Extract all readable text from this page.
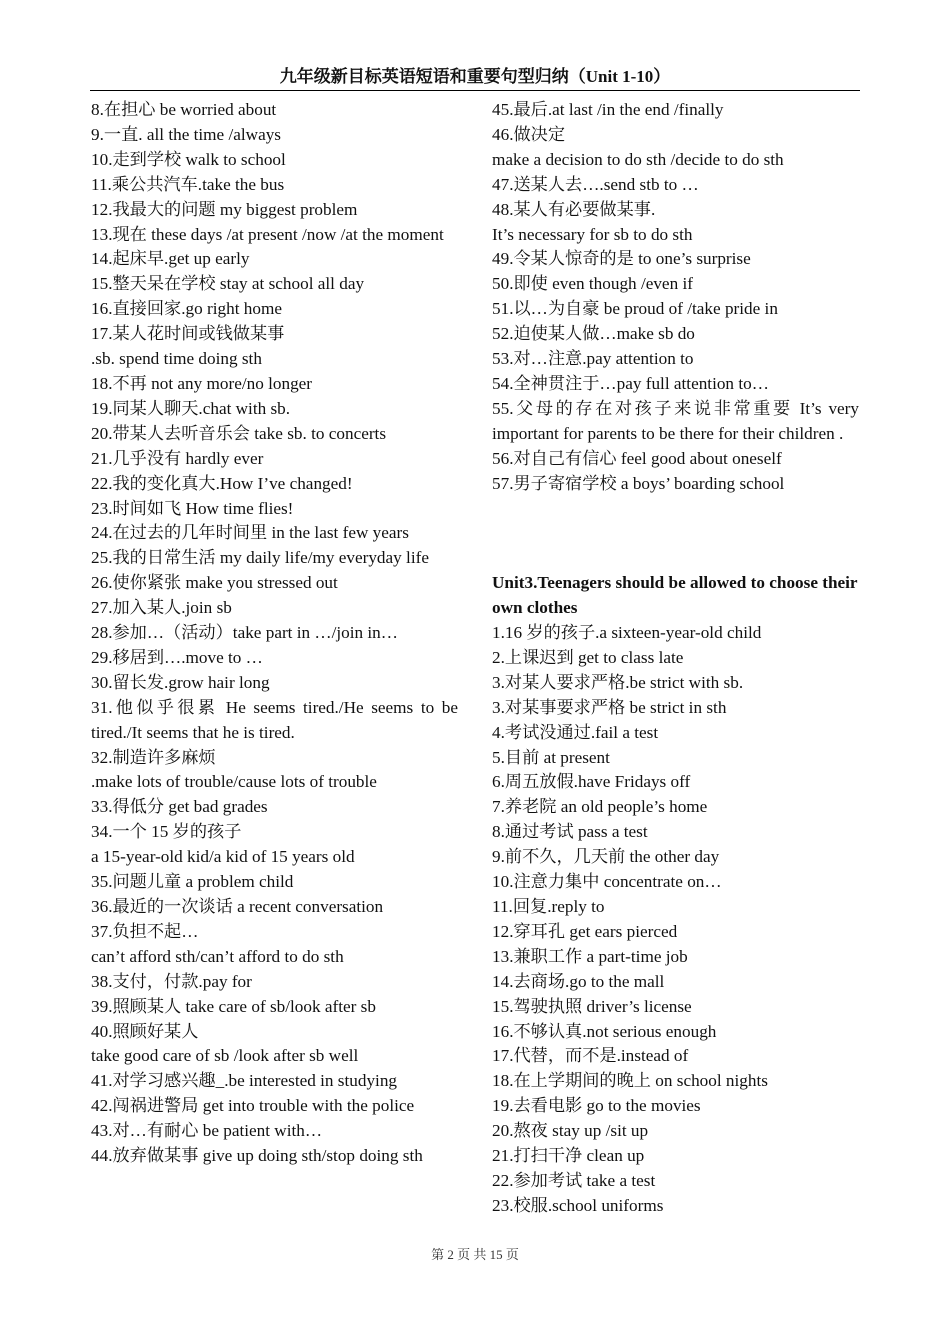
九年级新目标英语短语和重要句型归纳（Unit 1-10）
8.在担心 be worried about
9.一直. all the time /always
10.走到学校 walk to school
11.乘公共汽车.take the bus
12.我最大的问题 my biggest problem
13.现在 these days /at present /now /at the moment
14.起床早.get up early
15.整天呆在学校 stay at school all day
16.直接回家.go right home
17.某人花时间或钱做某事
.sb. spend time doing sth
18.不再 not any more/no longer
19.同某人聊天.chat with sb.
20.带某人去听音乐会 take sb. to concerts
21.几乎没有 hardly ever
22.我的变化真大.How I’ve changed!
23.时间如飞 How time flies!
24.在过去的几年时间里 in the last few years
25.我的日常生活 my daily life/my everyday life
26.使你紧张 make you stressed out
27.加入某人.join sb
28.参加…（活动）take part in …/join in…
29.移居到….move to …
30.留长发.grow hair long
31.他似乎很累 He seems tired./He seems to be tired./It seems that he is tired.
32.制造许多麻烦
.make lots of trouble/cause lots of trouble
33.得低分 get bad grades
34.一个 15 岁的孩子
a 15-year-old kid/a kid of 15 years old
35.问题儿童 a problem child
36.最近的一次谈话 a recent conversation
37.负担不起…
can’t afford sth/can’t afford to do sth
38.支付，付款.pay for
39.照顾某人 take care of sb/look after sb
40.照顾好某人
take good care of sb /look after sb well
41.对学习感兴趣_.be interested in studying
42.闯祸进警局 get into trouble with the police
43.对…有耐心 be patient with…
44.放弃做某事 give up doing sth/stop doing sth
45.最后.at last /in the end /finally
46.做决定
make a decision to do sth /decide to do sth
47.送某人去….send stb to …
48.某人有必要做某事.
It’s necessary for sb to do sth
49.令某人惊奇的是 to one’s surprise
50.即使 even though /even if
51.以…为自豪 be proud of /take pride in
52.迫使某人做…make sb do
53.对…注意.pay attention to
54.全神贯注于…pay full attention to…
55.父母的存在对孩子来说非常重要 It’s very important for parents to be there for their children .
56.对自己有信心 feel good about oneself
57.男子寄宿学校 a boys’ boarding school
Unit3.Teenagers should be allowed to choose their own clothes
1.16 岁的孩子.a sixteen-year-old child
2.上课迟到 get to class late
3.对某人要求严格.be strict with sb.
3.对某事要求严格 be strict in sth
4.考试没通过.fail a test
5.目前 at present
6.周五放假.have Fridays off
7.养老院 an old people’s home
8.通过考试 pass a test
9.前不久，几天前 the other day
10.注意力集中 concentrate on…
11.回复.reply to
12.穿耳孔 get ears pierced
13.兼职工作 a part-time job
14.去商场.go to the mall
15.驾驶执照 driver’s license
16.不够认真.not serious enough
17.代替，而不是.instead of
18.在上学期间的晚上 on school nights
19.去看电影 go to the movies
20.熬夜 stay up /sit up
21.打扫干净 clean up
22.参加考试 take a test
23.校服.school uniforms
第 2 页 共 15 页
